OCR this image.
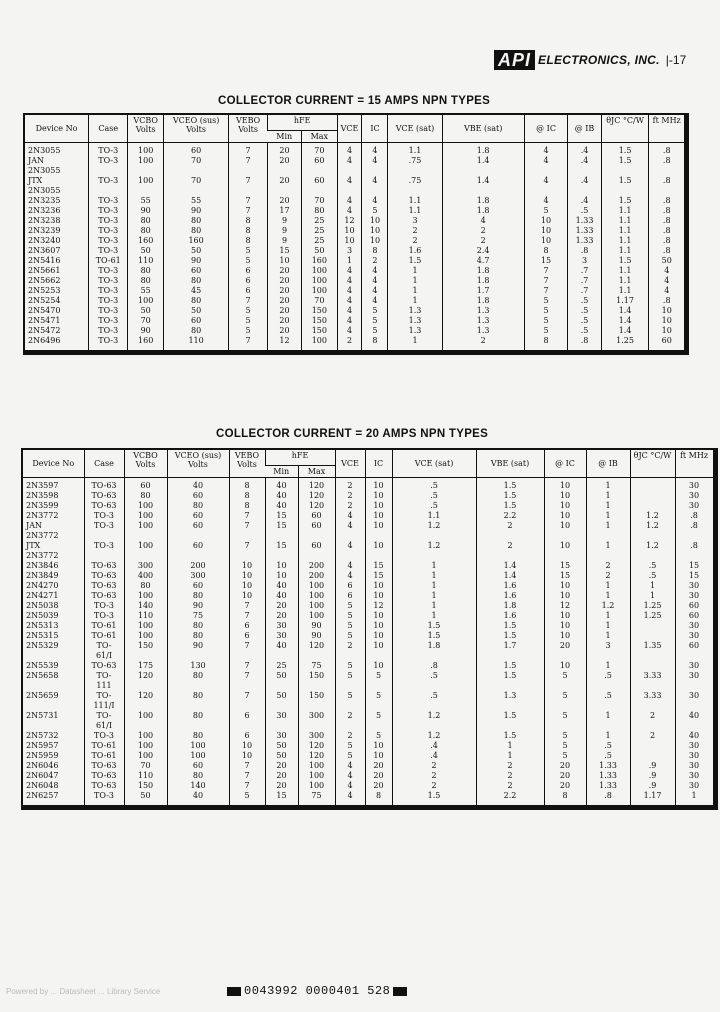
API ELECTRONICS, INC. |-17
COLLECTOR CURRENT = 15 AMPS NPN TYPES
Device No	Case	VCBO Volts	VCEO (sus) Volts	VEBO Volts	hFE		VCE	IC	VCE (sat)	VBE (sat)	@ IC	@ IB	θJC °C/W	ft MHz
					Min	Max								
2N3055	TO-3	100	60	7	20	70	4	4	1.1	1.8	4	.4	1.5	.8
JAN	TO-3	100	70	7	20	60	4	4	.75	1.4	4	.4	1.5	.8
2N3055														
JTX	TO-3	100	70	7	20	60	4	4	.75	1.4	4	.4	1.5	.8
2N3055														
2N3235	TO-3	55	55	7	20	70	4	4	1.1	1.8	4	.4	1.5	.8
2N3236	TO-3	90	90	7	17	80	4	5	1.1	1.8	5	.5	1.1	.8
2N3238	TO-3	80	80	8	9	25	12	10	3	4	10	1.33	1.1	.8
2N3239	TO-3	80	80	8	9	25	10	10	2	2	10	1.33	1.1	.8
2N3240	TO-3	160	160	8	9	25	10	10	2	2	10	1.33	1.1	.8
2N3607	TO-3	50	50	5	15	50	3	8	1.6	2.4	8	.8	1.1	.8
2N5416	TO-61	110	90	5	10	160	1	2	1.5	4.7	15	3	1.5	50
2N5661	TO-3	80	60	6	20	100	4	4	1	1.8	7	.7	1.1	4
2N5662	TO-3	80	80	6	20	100	4	4	1	1.8	7	.7	1.1	4
2N5253	TO-3	55	45	6	20	100	4	4	1	1.7	7	.7	1.1	4
2N5254	TO-3	100	80	7	20	70	4	4	1	1.8	5	.5	1.17	.8
2N5470	TO-3	50	50	5	20	150	4	5	1.3	1.3	5	.5	1.4	10
2N5471	TO-3	70	60	5	20	150	4	5	1.3	1.3	5	.5	1.4	10
2N5472	TO-3	90	80	5	20	150	4	5	1.3	1.3	5	.5	1.4	10
2N6496	TO-3	160	110	7	12	100	2	8	1	2	8	.8	1.25	60
COLLECTOR CURRENT = 20 AMPS NPN TYPES
Device No	Case	VCBO Volts	VCEO (sus) Volts	VEBO Volts	hFE		VCE	IC	VCE (sat)	VBE (sat)	@ IC	@ IB	θJC °C/W	ft MHz
					Min	Max								
2N3597	TO-63	60	40	8	40	120	2	10	.5	1.5	10	1		30
2N3598	TO-63	80	60	8	40	120	2	10	.5	1.5	10	1		30
2N3599	TO-63	100	80	8	40	120	2	10	.5	1.5	10	1		30
2N3772	TO-3	100	60	7	15	60	4	10	1.1	2.2	10	1	1.2	.8
JAN	TO-3	100	60	7	15	60	4	10	1.2	2	10	1	1.2	.8
2N3772														
JTX	TO-3	100	60	7	15	60	4	10	1.2	2	10	1	1.2	.8
2N3772														
2N3846	TO-63	300	200	10	10	200	4	15	1	1.4	15	2	.5	15
2N3849	TO-63	400	300	10	10	200	4	15	1	1.4	15	2	.5	15
2N4270	TO-63	80	60	10	40	100	6	10	1	1.6	10	1	1	30
2N4271	TO-63	100	80	10	40	100	6	10	1	1.6	10	1	1	30
2N5038	TO-3	140	90	7	20	100	5	12	1	1.8	12	1.2	1.25	60
2N5039	TO-3	110	75	7	20	100	5	10	1	1.6	10	1	1.25	60
2N5313	TO-61	100	80	6	30	90	5	10	1.5	1.5	10	1		30
2N5315	TO-61	100	80	6	30	90	5	10	1.5	1.5	10	1		30
2N5329	TO-	150	90	7	40	120	2	10	1.8	1.7	20	3	1.35	60
	61/I													
2N5539	TO-63	175	130	7	25	75	5	10	.8	1.5	10	1		30
2N5658	TO-	120	80	7	50	150	5	5	.5	1.5	5	.5	3.33	30
	111													
2N5659	TO-	120	80	7	50	150	5	5	.5	1.3	5	.5	3.33	30
	111/I													
2N5731	TO-	100	80	6	30	300	2	5	1.2	1.5	5	1	2	40
	61/I													
2N5732	TO-3	100	80	6	30	300	2	5	1.2	1.5	5	1	2	40
2N5957	TO-61	100	100	10	50	120	5	10	.4	1	5	.5		30
2N5959	TO-61	100	100	10	50	120	5	10	.4	1	5	.5		30

2N6046	TO-63	70	60	7	20	100	4	20	2	2	20	1.33	.9	30
2N6047	TO-63	110	80	7	20	100	4	20	2	2	20	1.33	.9	30
2N6048	TO-63	150	140	7	20	100	4	20	2	2	20	1.33	.9	30
2N6257	TO-3	50	40	5	15	75	4	8	1.5	2.2	8	.8	1.17	1
Powered by ... Datasheet ... Library Service	0043992 0000401 528
